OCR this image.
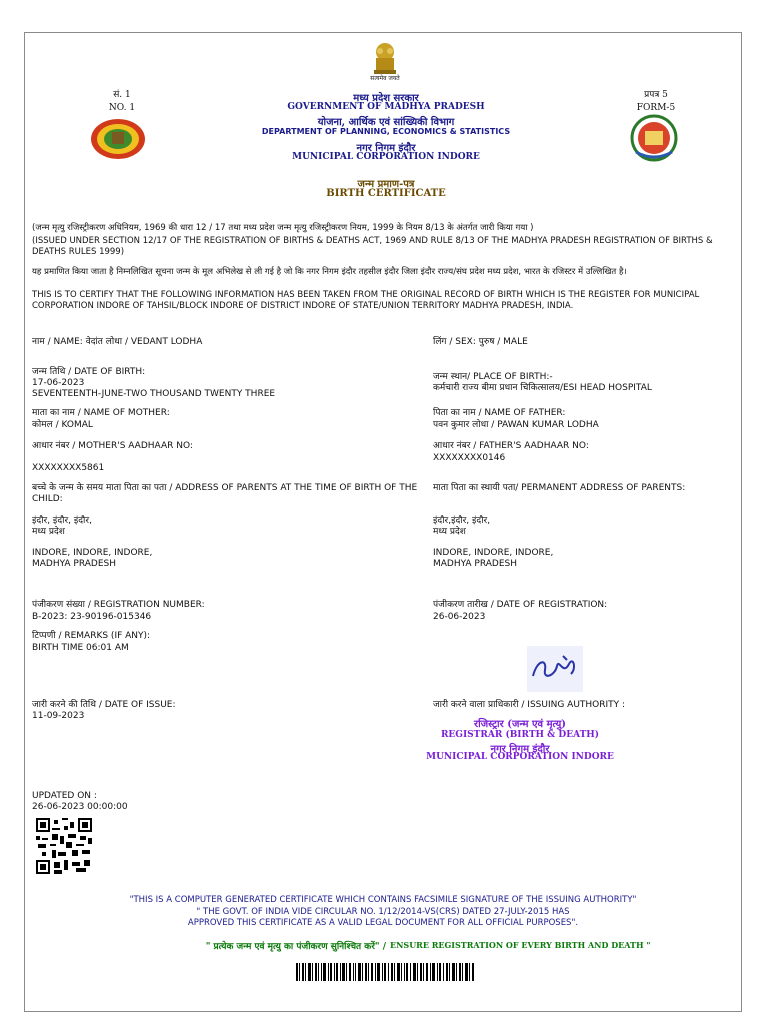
सत्यमेव जयते
सं. 1
NO. 1
प्रपत्र 5
FORM-5
मध्य प्रदेश सरकार
GOVERNMENT OF MADHYA PRADESH
योजना, आर्थिक एवं सांख्यिकी विभाग
DEPARTMENT OF PLANNING, ECONOMICS & STATISTICS
नगर निगम इंदौर
MUNICIPAL CORPORATION INDORE
जन्म प्रमाण-पत्र
BIRTH CERTIFICATE
(जन्म मृत्यु रजिस्ट्रीकरण अधिनियम, 1969 की धारा 12 / 17 तथा मध्य प्रदेश जन्म मृत्यु रजिस्ट्रीकरण नियम, 1999 के नियम 8/13 के अंतर्गत जारी किया गया )
(ISSUED UNDER SECTION 12/17 OF THE REGISTRATION OF BIRTHS & DEATHS ACT, 1969 AND RULE 8/13 OF THE MADHYA PRADESH REGISTRATION OF BIRTHS & DEATHS RULES 1999)
यह प्रमाणित किया जाता है निम्नलिखित सूचना जन्म के मूल अभिलेख से ली गई है जो कि नगर निगम इंदौर तहसील इंदौर जिला इंदौर राज्य/संघ प्रदेश मध्य प्रदेश, भारत के रजिस्टर में उल्लिखित है।
THIS IS TO CERTIFY THAT THE FOLLOWING INFORMATION HAS BEEN TAKEN FROM THE ORIGINAL RECORD OF BIRTH WHICH IS THE REGISTER FOR MUNICIPAL CORPORATION INDORE OF TAHSIL/BLOCK INDORE OF DISTRICT INDORE OF STATE/UNION TERRITORY MADHYA PRADESH, INDIA.
नाम / NAME: वेदांत लोधा / VEDANT LODHA
जन्म तिथि / DATE OF BIRTH:
17-06-2023
SEVENTEENTH-JUNE-TWO THOUSAND TWENTY THREE
माता का नाम / NAME OF MOTHER:
कोमल / KOMAL
आधार नंबर / MOTHER'S AADHAAR NO:
XXXXXXXX5861
बच्चे के जन्म के समय माता पिता का पता / ADDRESS OF PARENTS AT THE TIME OF BIRTH OF THE CHILD:
इंदौर, इंदौर, इंदौर,
मध्य प्रदेश
INDORE, INDORE, INDORE,
MADHYA PRADESH
पंजीकरण संख्या / REGISTRATION NUMBER:
B-2023: 23-90196-015346
टिप्पणी / REMARKS (IF ANY):
BIRTH TIME 06:01 AM
जारी करने की तिथि / DATE OF ISSUE:
11-09-2023
लिंग / SEX: पुरुष / MALE
जन्म स्थान/ PLACE OF BIRTH:-
कर्मचारी राज्य बीमा प्रधान चिकित्सालय/ESI HEAD HOSPITAL
पिता का नाम / NAME OF FATHER:
पवन कुमार लोधा / PAWAN KUMAR LODHA
आधार नंबर / FATHER'S AADHAAR NO:
XXXXXXXX0146
माता पिता का स्थायी पता/ PERMANENT ADDRESS OF PARENTS:
इंदौर,इंदौर, इंदौर,
मध्य प्रदेश
INDORE, INDORE, INDORE,
MADHYA PRADESH
पंजीकरण तारीख / DATE OF REGISTRATION:
26-06-2023
जारी करने वाला प्राधिकारी / ISSUING AUTHORITY :
रजिस्ट्रार (जन्म एवं मृत्यु)
REGISTRAR (BIRTH & DEATH)
नगर निगम इंदौर
MUNICIPAL CORPORATION INDORE
UPDATED ON :
26-06-2023 00:00:00
"THIS IS A COMPUTER GENERATED CERTIFICATE WHICH CONTAINS FACSIMILE SIGNATURE OF THE ISSUING AUTHORITY"
" THE GOVT. OF INDIA VIDE CIRCULAR NO. 1/12/2014-VS(CRS) DATED 27-JULY-2015 HAS
APPROVED THIS CERTIFICATE AS A VALID LEGAL DOCUMENT FOR ALL OFFICIAL PURPOSES".
" प्रत्येक जन्म एवं मृत्यु का पंजीकरण सुनिश्चित करें" / ENSURE REGISTRATION OF EVERY BIRTH AND DEATH "
